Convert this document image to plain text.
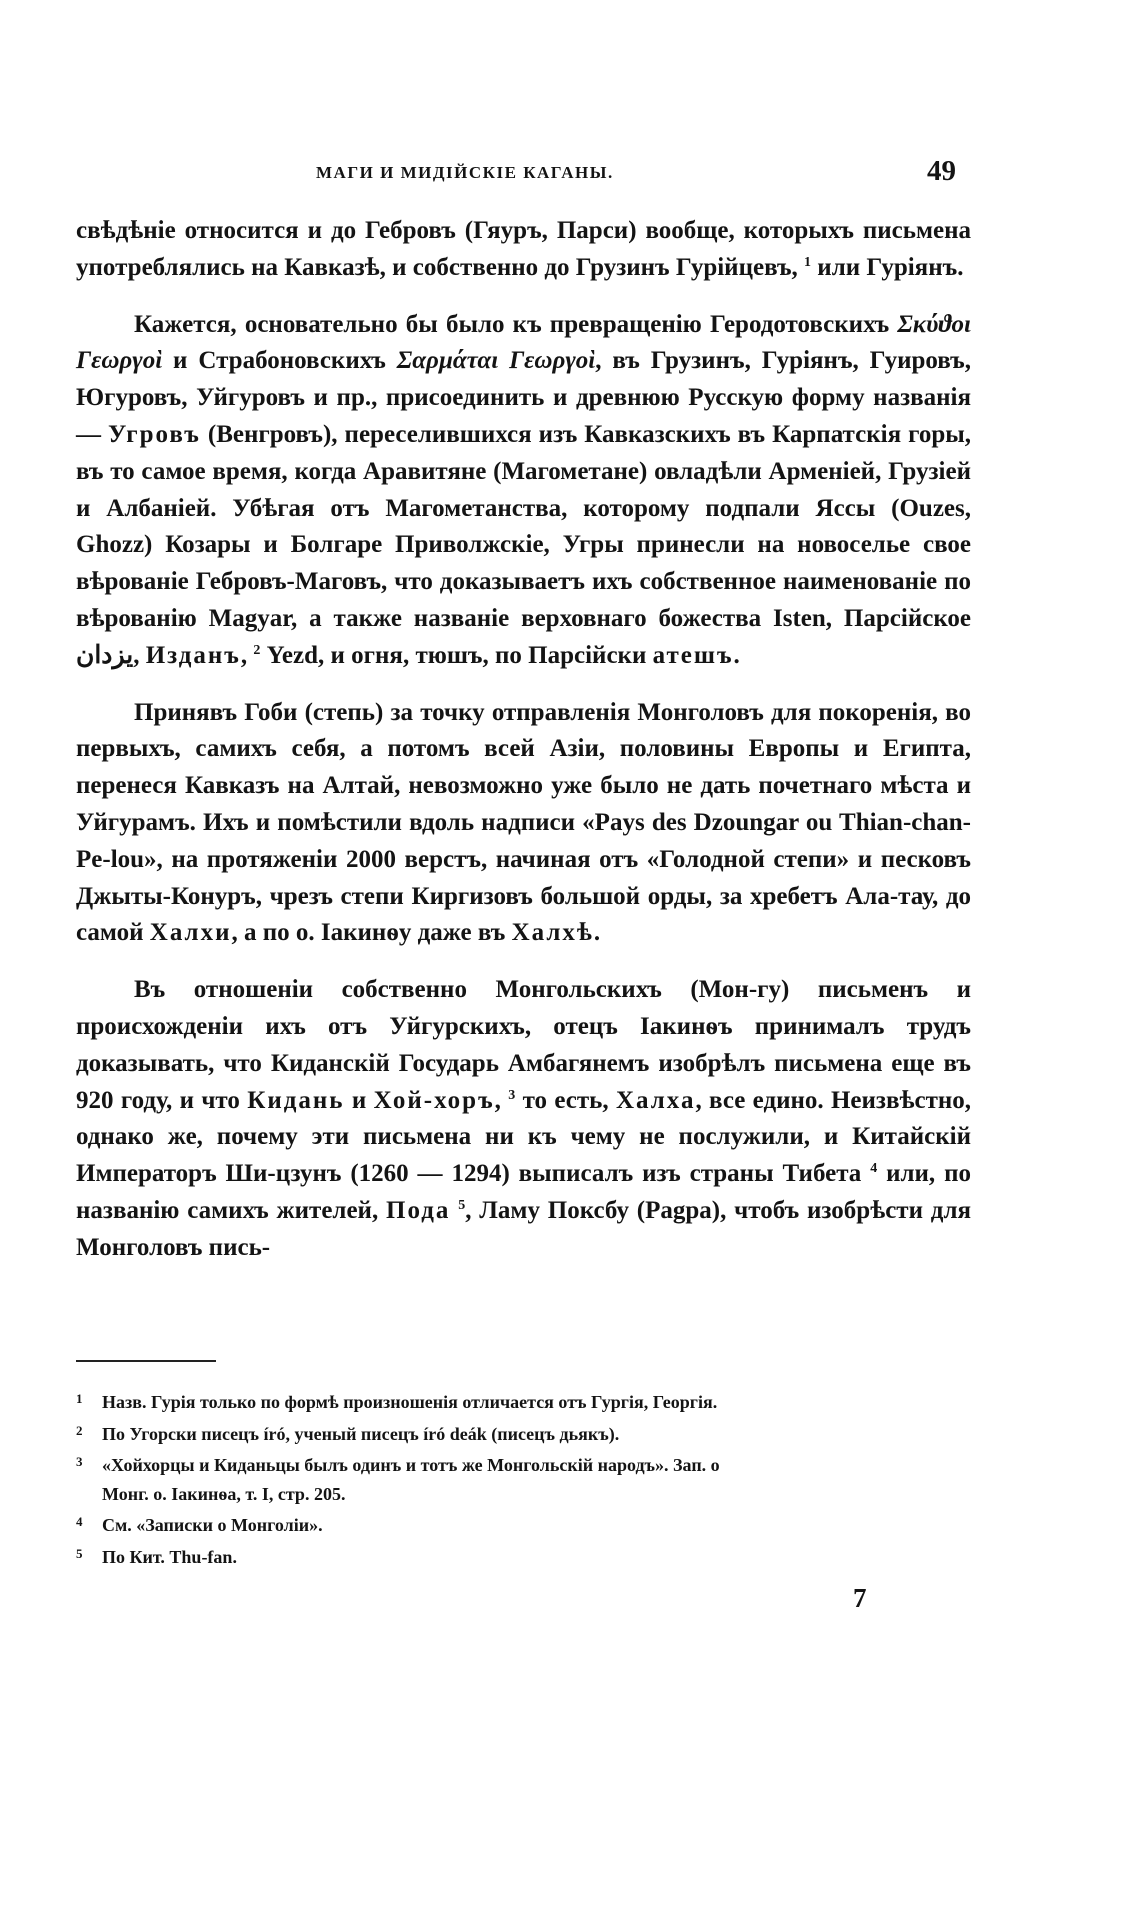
МАГИ И МИДІЙСКІЕ КАГАНЫ.	49

свѣдѣніе относится и до Гебровъ (Гяуръ, Парси) вообще, которыхъ письмена употреблялись на Кавказѣ, и собственно до Грузинъ Гурійцевъ, $^1$ или Гуріянъ.

Кажется, основательно бы было къ превращенію Геродотовскихъ Σκύϑοι Γεωργοὶ и Страбоновскихъ Σαρμάται Γεωργοὶ, въ Грузинъ, Гуріянъ, Гуировъ, Югуровъ, Уйгуровъ и пр., присоединить и древнюю Русскую форму названія — Угровъ (Венгровъ), переселившихся изъ Кавказскихъ въ Карпатскія горы, въ то самое время, когда Аравитяне (Магометане) овладѣли Арменіей, Грузіей и Албаніей. Убѣгая отъ Магометанства, которому подпали Яссы (Ouzes, Ghozz) Козары и Болгаре Приволжскіе, Угры принесли на новоселье свое вѣрованіе Гебровъ-Маговъ, что доказываетъ ихъ собственное наименованіе по вѣрованію Magyar, а также названіе верховнаго божества Isten, Парсійское یزدان, Изданъ, $^2$ Yezd, и огня, тюшъ, по Парсійски атешъ.

Принявъ Гоби (степь) за точку отправленія Монголовъ для покоренія, во первыхъ, самихъ себя, а потомъ всей Азіи, половины Европы и Египта, перенеся Кавказъ на Алтай, невозможно уже было не дать почетнаго мѣста и Уйгурамъ. Ихъ и помѣстили вдоль надписи «Pays des Dzoungar ou Thian-chan-Pe-lou», на протяженіи 2000 верстъ, начиная отъ «Голодной степи» и песковъ Джыты-Конуръ, чрезъ степи Киргизовъ большой орды, за хребетъ Ала-тау, до самой Халхи, а по о. Іакинѳу даже въ Халхѣ.

Въ отношеніи собственно Монгольскихъ (Мон-гу) письменъ и происхожденіи ихъ отъ Уйгурскихъ, отецъ Іакинѳъ принималъ трудъ доказывать, что Киданскій Государь Амбагянемъ изобрѣлъ письмена еще въ 920 году, и что Кидань и Хой-хоръ, $^3$ то есть, Халха, все едино. Неизвѣстно, однако же, почему эти письмена ни къ чему не послужили, и Китайскій Императоръ Ши-цзунъ (1260 — 1294) выписалъ изъ страны Тибета $^4$ или, по названію самихъ жителей, Пода $^5$, Ламу Поксбу (Pagpa), чтобъ изобрѣсти для Монголовъ пись-

1 Назв. Гурія только по формѣ произношенія отличается отъ Гургія, Георгія.

2 По Угорски писецъ író, ученый писецъ író deák (писецъ дьякъ).

3 «Хойхорцы и Киданьцы былъ одинъ и тотъ же Монгольскій народъ». Зап. о
Монг. о. Іакинѳа, т. I, стр. 205.

4 См. «Записки о Монголіи».

5 По Кит. Thu-fan.

7
